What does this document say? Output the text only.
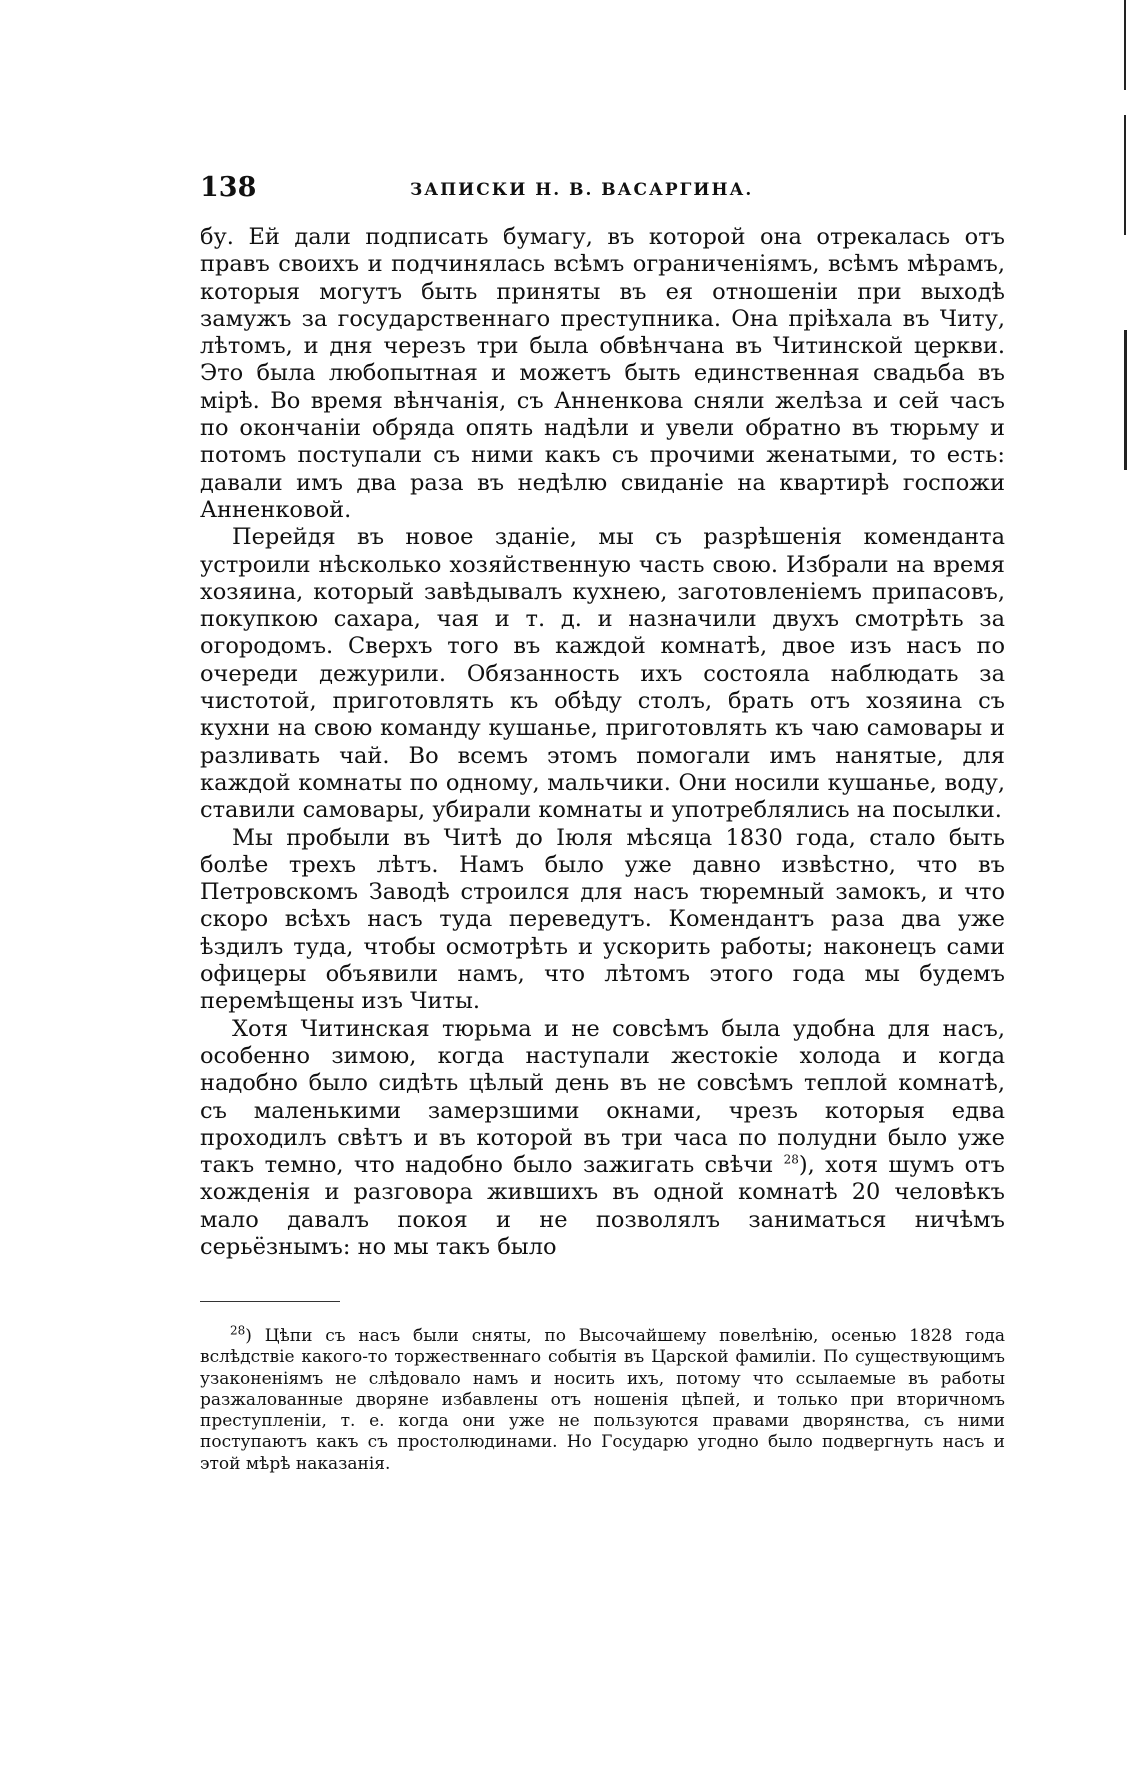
138	ЗАПИСКИ Н. В. ВАСАРГИНА.

бу. Ей дали подписать бумагу, въ которой она отрекалась отъ правъ своихъ и подчинялась всѣмъ ограниченіямъ, всѣмъ мѣрамъ, которыя могутъ быть приняты въ ея отношеніи при выходѣ замужъ за государственнаго преступника. Она пріѣхала въ Читу, лѣтомъ, и дня черезъ три была обвѣнчана въ Читинской церкви. Это была любопытная и можетъ быть единственная свадьба въ мірѣ. Во время вѣнчанія, съ Анненкова сняли желѣза и сей часъ по окончаніи обряда опять надѣли и увели обратно въ тюрьму и потомъ поступали съ ними какъ съ прочими женатыми, то есть: давали имъ два раза въ недѣлю свиданіе на квартирѣ госпожи Анненковой.

Перейдя въ новое зданіе, мы съ разрѣшенія коменданта устроили нѣсколько хозяйственную часть свою. Избрали на время хозяина, который завѣдывалъ кухнею, заготовленіемъ припасовъ, покупкою сахара, чая и т. д. и назначили двухъ смотрѣть за огородомъ. Сверхъ того въ каждой комнатѣ, двое изъ насъ по очереди дежурили. Обязанность ихъ состояла наблюдать за чистотой, приготовлять къ обѣду столъ, брать отъ хозяина съ кухни на свою команду кушанье, приготовлять къ чаю самовары и разливать чай. Во всемъ этомъ помогали имъ нанятые, для каждой комнаты по одному, мальчики. Они носили кушанье, воду, ставили самовары, убирали комнаты и употреблялись на посылки.

Мы пробыли въ Читѣ до Іюля мѣсяца 1830 года, стало быть болѣе трехъ лѣтъ. Намъ было уже давно извѣстно, что въ Петровскомъ Заводѣ строился для насъ тюремный замокъ, и что скоро всѣхъ насъ туда переведутъ. Комендантъ раза два уже ѣздилъ туда, чтобы осмотрѣть и ускорить работы; наконецъ сами офицеры объявили намъ, что лѣтомъ этого года мы будемъ перемѣщены изъ Читы.

Хотя Читинская тюрьма и не совсѣмъ была удобна для насъ, особенно зимою, когда наступали жестокіе холода и когда надобно было сидѣть цѣлый день въ не совсѣмъ теплой комнатѣ, съ маленькими замерзшими окнами, чрезъ которыя едва проходилъ свѣтъ и въ которой въ три часа по полудни было уже такъ темно, что надобно было зажигать свѣчи $^{28}$), хотя шумъ отъ хожденія и разговора жившихъ въ одной комнатѣ 20 человѣкъ мало давалъ покоя и не позволялъ заниматься ничѣмъ серьёзнымъ: но мы такъ было

$^{28}$) Цѣпи съ насъ были сняты, по Высочайшему повелѣнію, осенью 1828 года вслѣдствіе какого-то торжественнаго событія въ Царской фамиліи. По существующимъ узаконеніямъ не слѣдовало намъ и носить ихъ, потому что ссылаемые въ работы разжалованные дворяне избавлены отъ ношенія цѣпей, и только при вторичномъ преступленіи, т. е. когда они уже не пользуются правами дворянства, съ ними поступаютъ какъ съ простолюдинами. Но Государю угодно было подвергнуть насъ и этой мѣрѣ наказанія.
